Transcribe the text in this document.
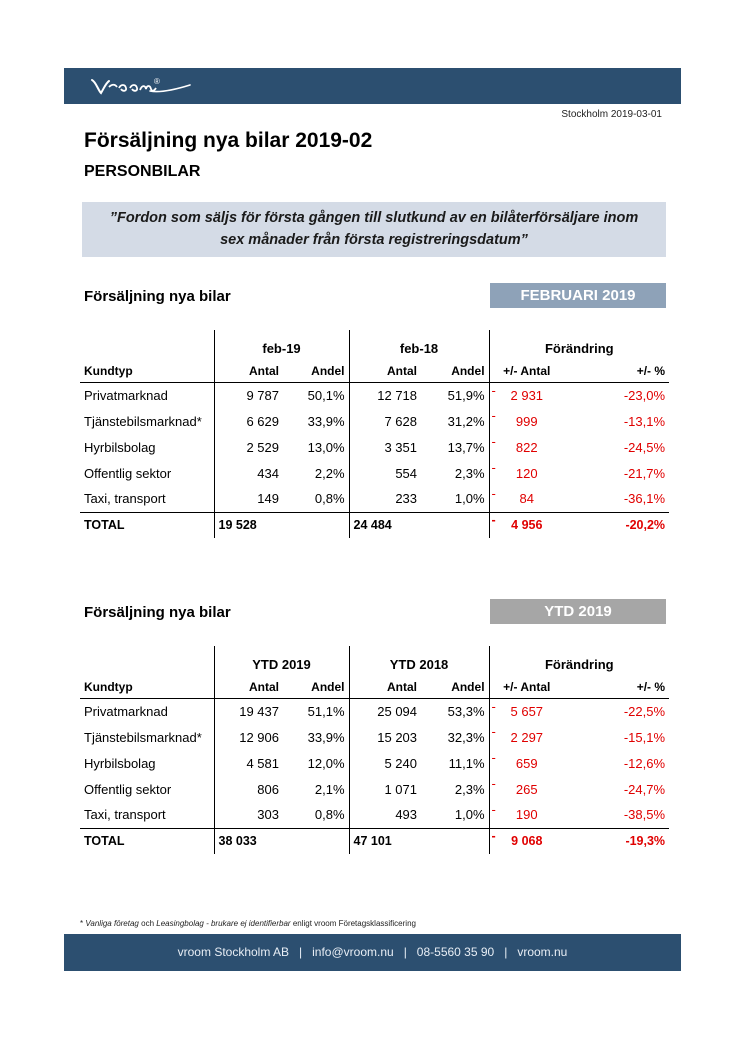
®
Stockholm 2019-03-01
Försäljning nya bilar 2019-02
PERSONBILAR
”Fordon som säljs för första gången till slutkund av en bilåterförsäljare inom
sex månader från första registreringsdatum”
Försäljning nya bilar	FEBRUARI 2019
	feb-19		feb-18		Förändring	
Kundtyp	Antal	Andel	Antal	Andel	+/- Antal	+/- %
Privatmarknad	9 787	50,1%	12 718	51,9%	- 2 931	-23,0%
Tjänstebilsmarknad*	6 629	33,9%	7 628	31,2%	- 999	-13,1%
Hyrbilsbolag	2 529	13,0%	3 351	13,7%	- 822	-24,5%
Offentlig sektor	434	2,2%	554	2,3%	- 120	-21,7%
Taxi, transport	149	0,8%	233	1,0%	- 84	-36,1%
TOTAL	19 528		24 484		- 4 956	-20,2%
Försäljning nya bilar	YTD 2019
	YTD 2019		YTD 2018		Förändring	
Kundtyp	Antal	Andel	Antal	Andel	+/- Antal	+/- %
Privatmarknad	19 437	51,1%	25 094	53,3%	- 5 657	-22,5%
Tjänstebilsmarknad*	12 906	33,9%	15 203	32,3%	- 2 297	-15,1%
Hyrbilsbolag	4 581	12,0%	5 240	11,1%	- 659	-12,6%
Offentlig sektor	806	2,1%	1 071	2,3%	- 265	-24,7%
Taxi, transport	303	0,8%	493	1,0%	- 190	-38,5%
TOTAL	38 033		47 101		- 9 068	-19,3%
* Vanliga företag och Leasingbolag - brukare ej identifierbar enligt vroom Företagsklassificering
vroom Stockholm AB   |   info@vroom.nu   |   08-5560 35 90   |   vroom.nu
